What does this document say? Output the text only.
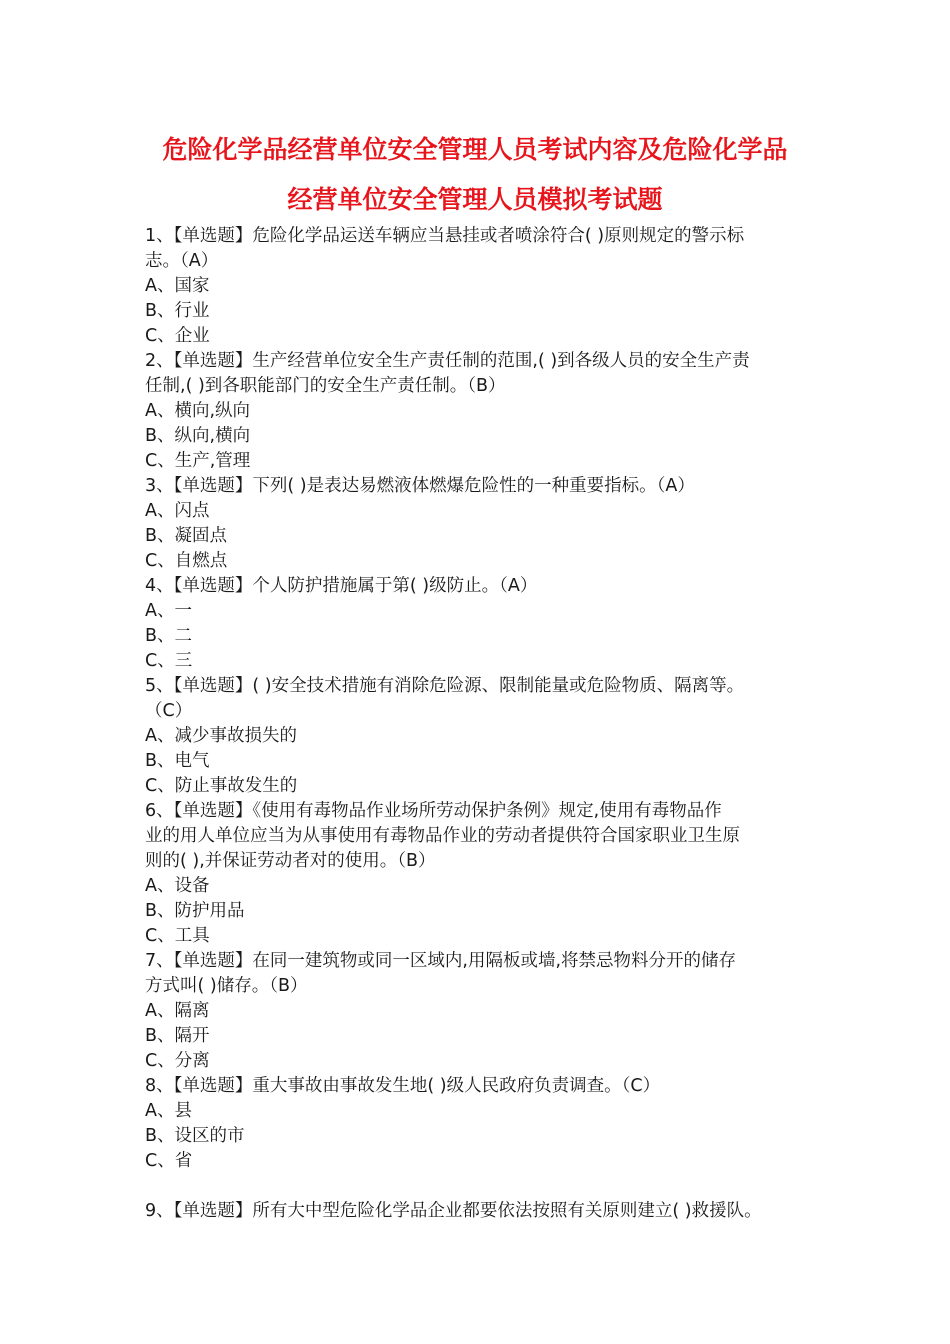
危险化学品经营单位安全管理人员考试内容及危险化学品
经营单位安全管理人员模拟考试题
1、【单选题】危险化学品运送车辆应当悬挂或者喷涂符合( )原则规定的警示标
志。（A）
A、国家
B、行业
C、企业
2、【单选题】生产经营单位安全生产责任制的范围,( )到各级人员的安全生产责
任制,( )到各职能部门的安全生产责任制。（B）
A、横向,纵向
B、纵向,横向
C、生产,管理
3、【单选题】下列( )是表达易燃液体燃爆危险性的一种重要指标。（A）
A、闪点
B、凝固点
C、自燃点
4、【单选题】个人防护措施属于第( )级防止。（A）
A、一
B、二
C、三
5、【单选题】( )安全技术措施有消除危险源、限制能量或危险物质、隔离等。
（C）
A、减少事故损失的
B、电气
C、防止事故发生的
6、【单选题】《使用有毒物品作业场所劳动保护条例》规定,使用有毒物品作
业的用人单位应当为从事使用有毒物品作业的劳动者提供符合国家职业卫生原
则的( ),并保证劳动者对的使用。（B）
A、设备
B、防护用品
C、工具
7、【单选题】在同一建筑物或同一区域内,用隔板或墙,将禁忌物料分开的储存
方式叫( )储存。（B）
A、隔离
B、隔开
C、分离
8、【单选题】重大事故由事故发生地( )级人民政府负责调查。（C）
A、县
B、设区的市
C、省
9、【单选题】所有大中型危险化学品企业都要依法按照有关原则建立( )救援队。
